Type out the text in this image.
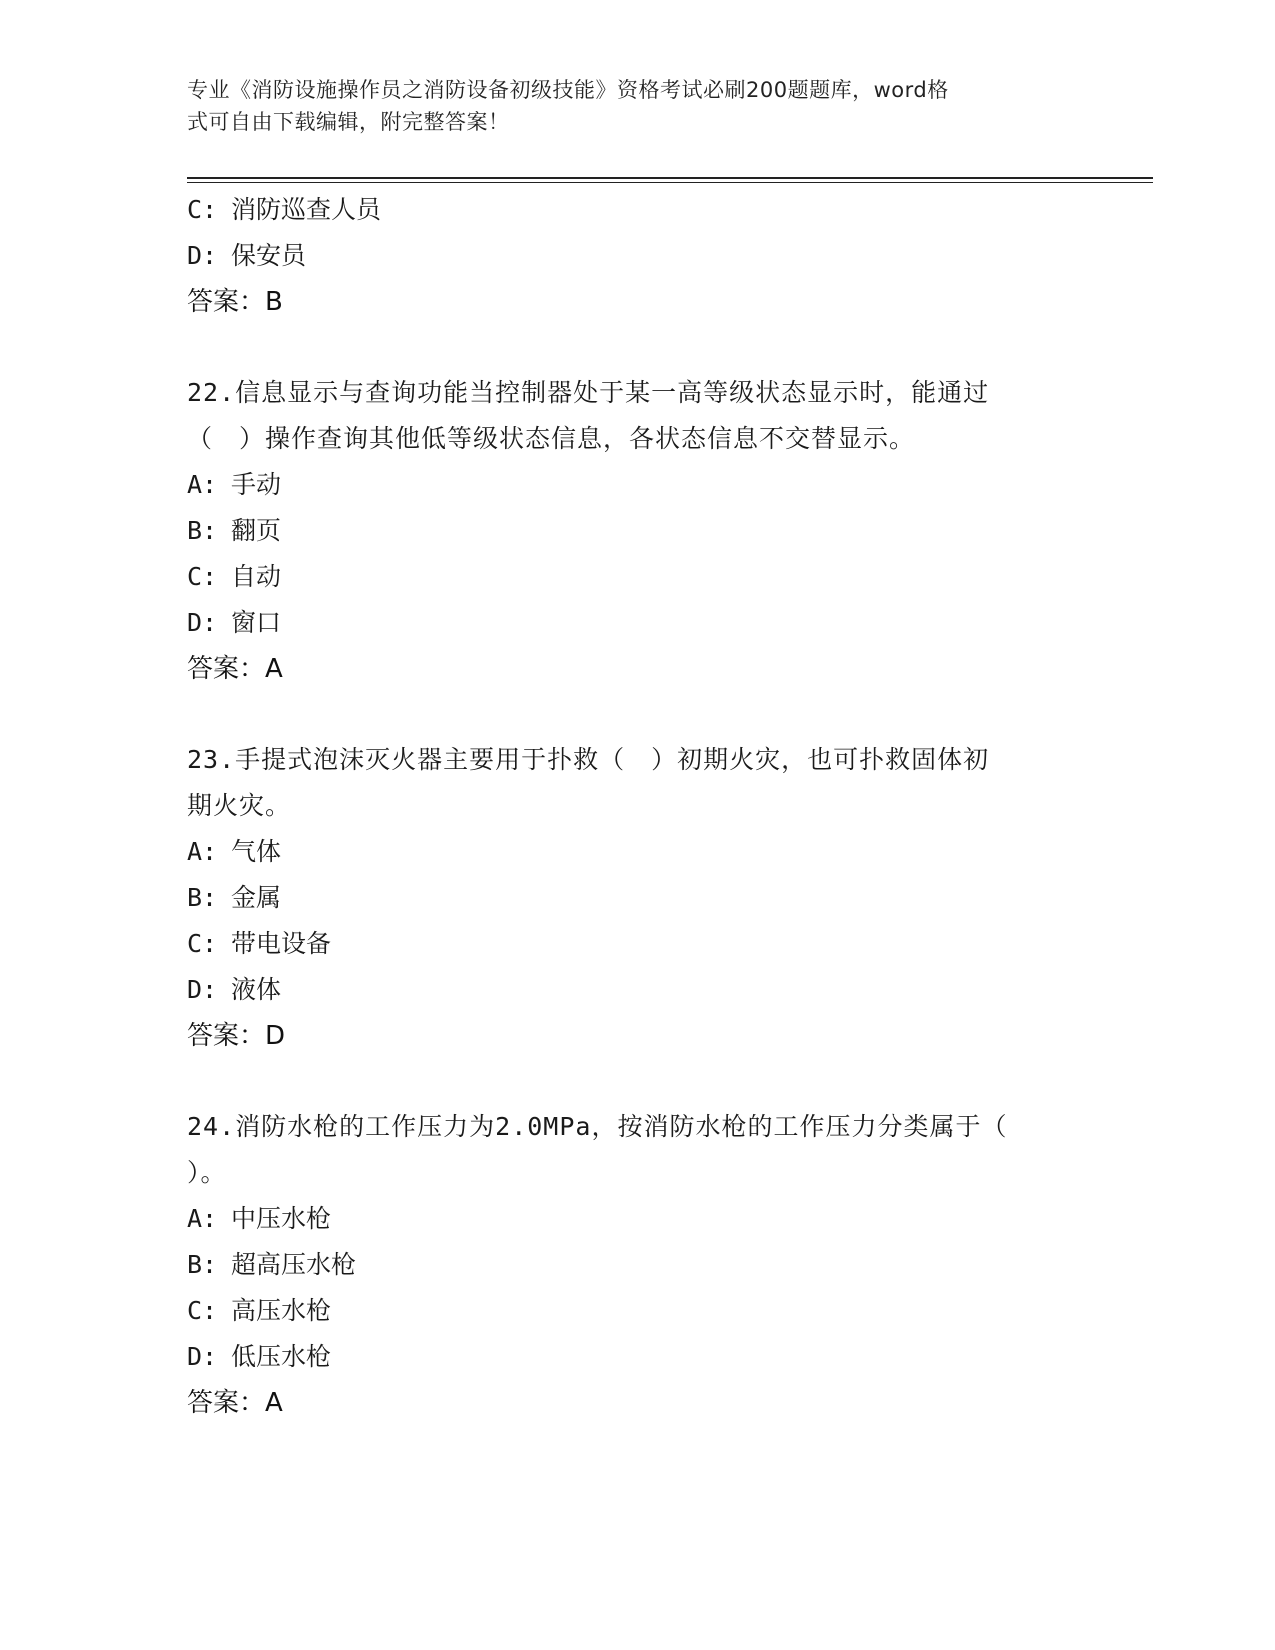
专业《消防设施操作员之消防设备初级技能》资格考试必刷200题题库，word格
式可自由下载编辑，附完整答案！
C: 消防巡查人员
D: 保安员
答案：B
22.信息显示与查询功能当控制器处于某一高等级状态显示时，能通过
（　）操作查询其他低等级状态信息，各状态信息不交替显示。
A: 手动
B: 翻页
C: 自动
D: 窗口
答案：A
23.手提式泡沫灭火器主要用于扑救（　）初期火灾，也可扑救固体初
期火灾。
A: 气体
B: 金属
C: 带电设备
D: 液体
答案：D
24.消防水枪的工作压力为2.0MPa，按消防水枪的工作压力分类属于（
）。
A: 中压水枪
B: 超高压水枪
C: 高压水枪
D: 低压水枪
答案：A
